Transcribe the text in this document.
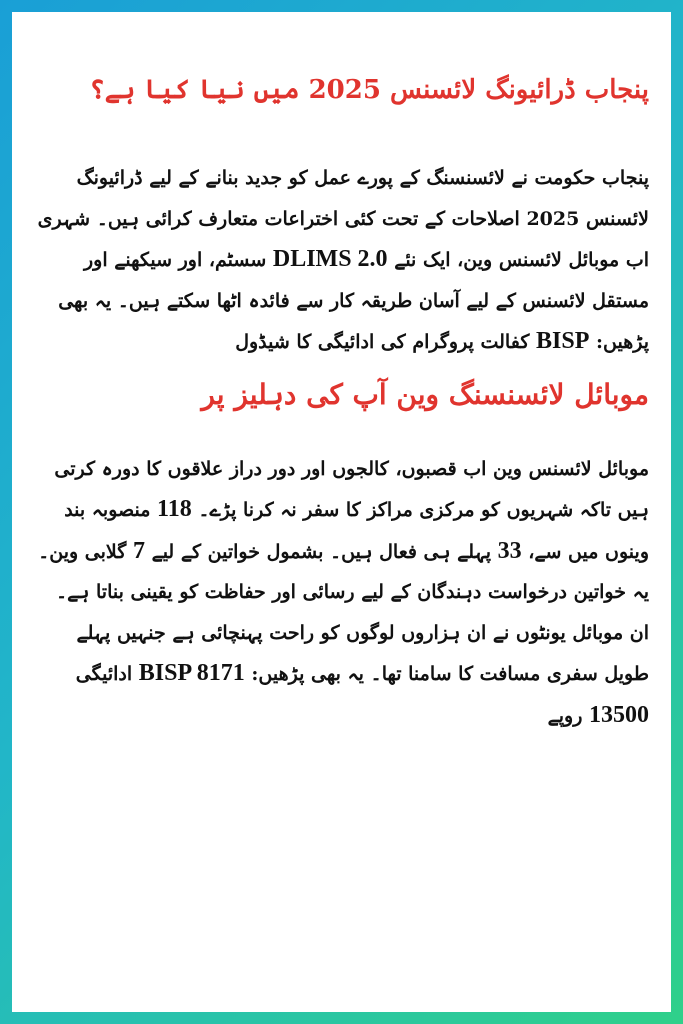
پنجاب ڈرائیونگ لائسنس 2025 میں نیا کیا ہے؟

پنجاب حکومت نے لائسنسنگ کے پورے عمل کو جدید بنانے کے لیے ڈرائیونگ لائسنس 2025 اصلاحات کے تحت کئی اختراعات متعارف کرائی ہیں۔ شہری اب موبائل لائسنس وین، ایک نئے DLIMS 2.0 سسٹم، اور سیکھنے اور مستقل لائسنس کے لیے آسان طریقہ کار سے فائدہ اٹھا سکتے ہیں۔ یہ بھی پڑھیں: BISP کفالت پروگرام کی ادائیگی کا شیڈول

موبائل لائسنسنگ وین آپ کی دہلیز پر

موبائل لائسنس وین اب قصبوں، کالجوں اور دور دراز علاقوں کا دورہ کرتی ہیں تاکہ شہریوں کو مرکزی مراکز کا سفر نہ کرنا پڑے۔ 118 منصوبہ بند وینوں میں سے، 33 پہلے ہی فعال ہیں۔ بشمول خواتین کے لیے 7 گلابی وین۔ یہ خواتین درخواست دہندگان کے لیے رسائی اور حفاظت کو یقینی بناتا ہے۔ ان موبائل یونٹوں نے ان ہزاروں لوگوں کو راحت پہنچائی ہے جنہیں پہلے طویل سفری مسافت کا سامنا تھا۔ یہ بھی پڑھیں: BISP 8171 ادائیگی 13500 روپے
